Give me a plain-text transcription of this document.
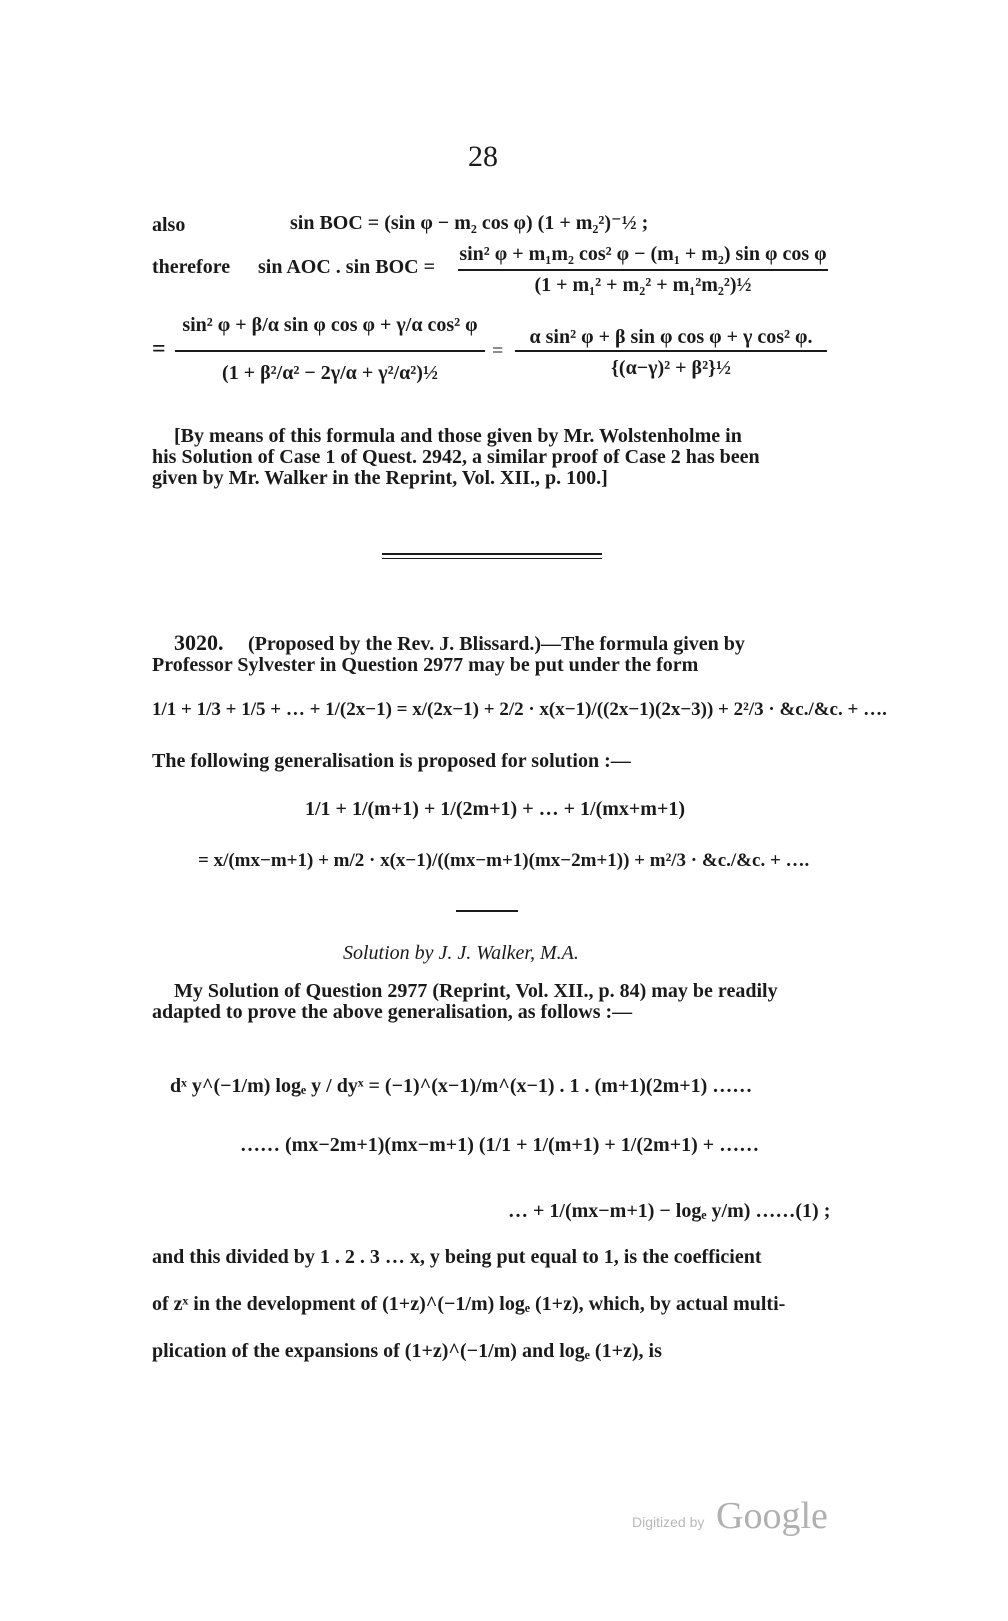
28
also	sin BOC = (sin φ − m₂ cos φ) (1 + m₂²)⁻½ ;
therefore sin AOC . sin BOC =
sin² φ + m₁m₂ cos² φ − (m₁ + m₂) sin φ cos φ
(1 + m₁² + m₂² + m₁²m₂²)½
=
sin² φ + β/α sin φ cos φ + γ/α cos² φ
(1 + β²/α² − 2γ/α + γ²/α²)½
=
α sin² φ + β sin φ cos φ + γ cos² φ.
{(α−γ)² + β²}½
[By means of this formula and those given by Mr. Wolstenholme in
his Solution of Case 1 of Quest. 2942, a similar proof of Case 2 has been
given by Mr. Walker in the Reprint, Vol. XII., p. 100.]
3020. (Proposed by the Rev. J. Blissard.)—The formula given by
Professor Sylvester in Question 2977 may be put under the form
1/1 + 1/3 + 1/5 + … + 1/(2x−1) = x/(2x−1) + 2/2 · x(x−1)/((2x−1)(2x−3)) + 2²/3 · &c./&c. + ….
The following generalisation is proposed for solution :—
1/1 + 1/(m+1) + 1/(2m+1) + … + 1/(mx+m+1)
= x/(mx−m+1) + m/2 · x(x−1)/((mx−m+1)(mx−2m+1)) + m²/3 · &c./&c. + ….
Solution by J. J. Walker, M.A.
My Solution of Question 2977 (Reprint, Vol. XII., p. 84) may be readily
adapted to prove the above generalisation, as follows :—
dˣ y^(−1/m) logₑ y / dyˣ = (−1)^(x−1)/m^(x−1) . 1 . (m+1)(2m+1) ……
…… (mx−2m+1)(mx−m+1) (1/1 + 1/(m+1) + 1/(2m+1) + ……
… + 1/(mx−m+1) − logₑ y/m) ……(1) ;
and this divided by 1 . 2 . 3 … x, y being put equal to 1, is the coefficient
of zˣ in the development of (1+z)^(−1/m) logₑ (1+z), which, by actual multi-
plication of the expansions of (1+z)^(−1/m) and logₑ (1+z), is
Digitized by Google
